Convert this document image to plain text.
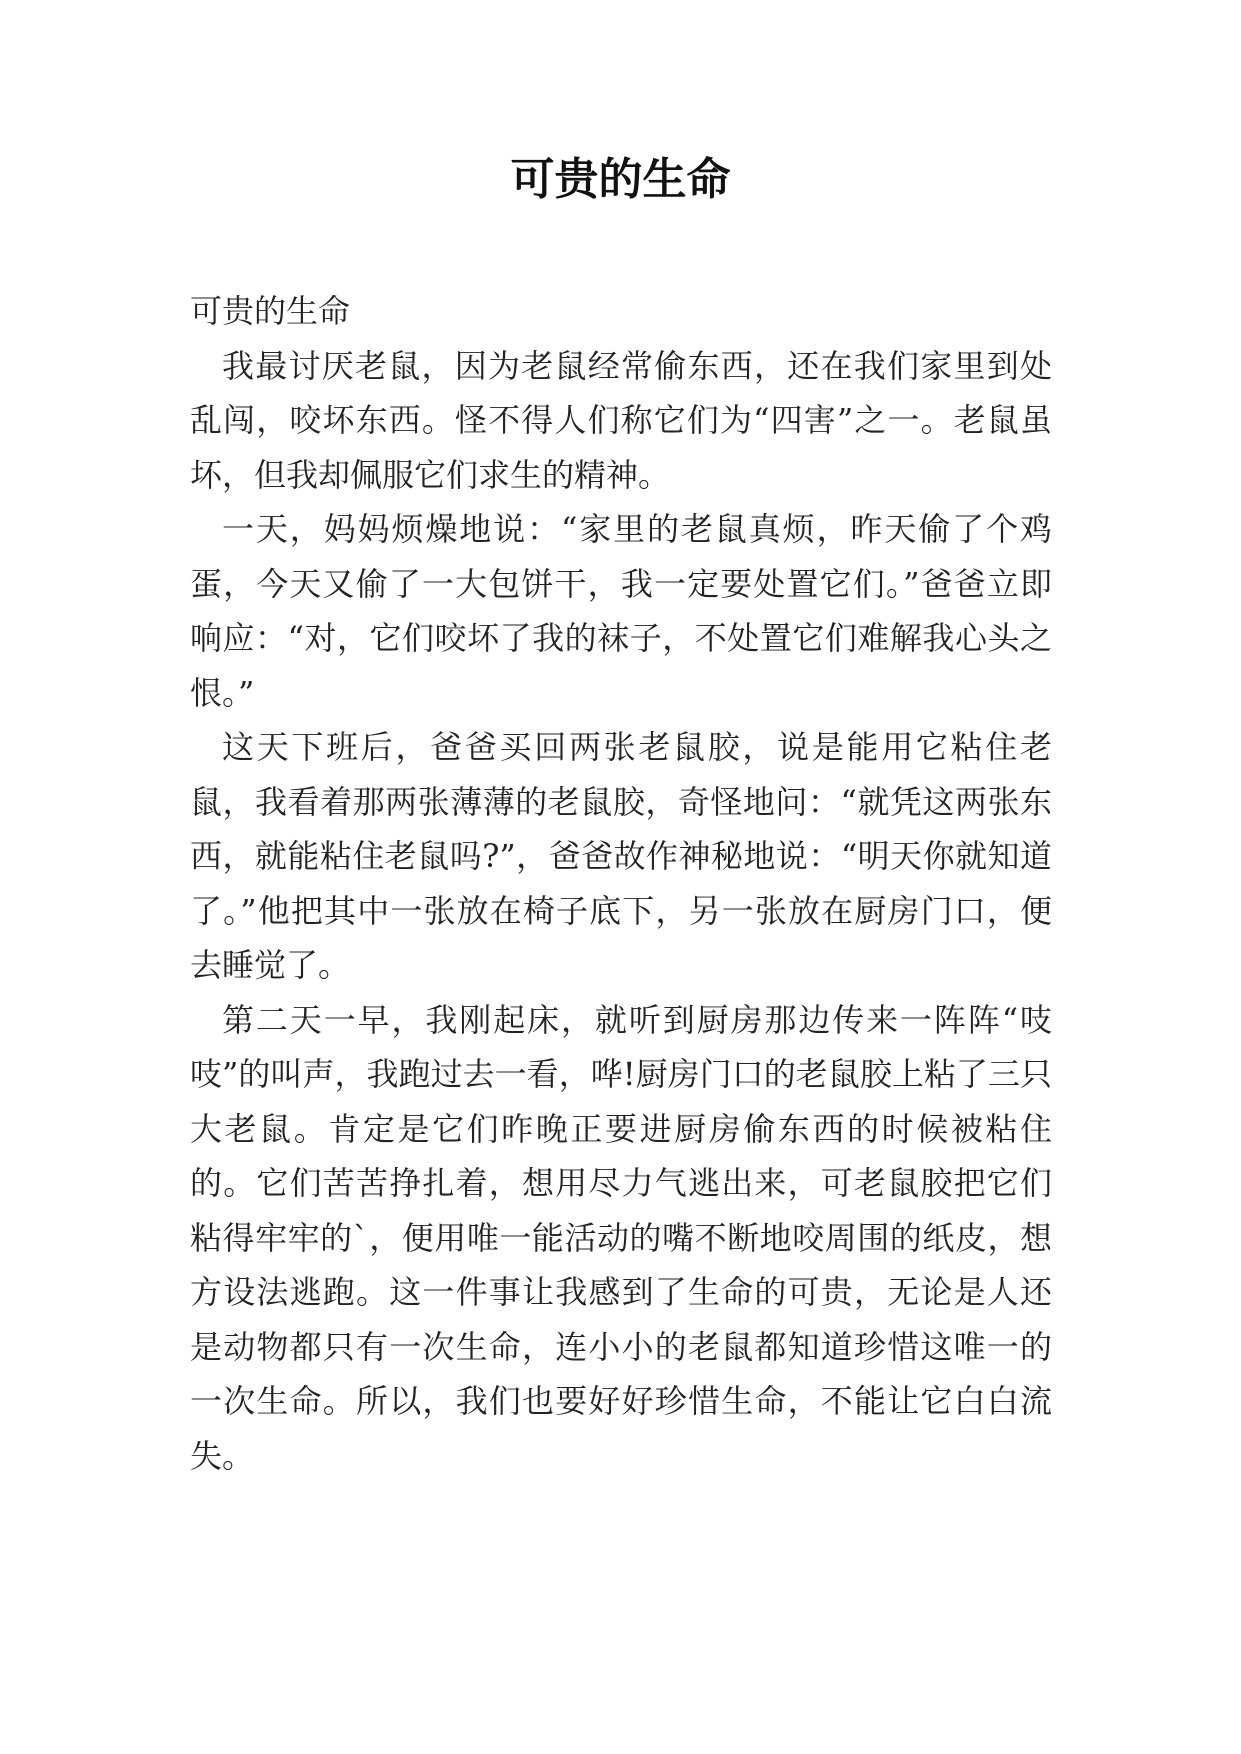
可贵的生命

可贵的生命

我最讨厌老鼠，因为老鼠经常偷东西，还在我们家里到处乱闯，咬坏东西。怪不得人们称它们为“四害”之一。老鼠虽坏，但我却佩服它们求生的精神。

一天，妈妈烦燥地说：“家里的老鼠真烦，昨天偷了个鸡蛋，今天又偷了一大包饼干，我一定要处置它们。”爸爸立即响应：“对，它们咬坏了我的袜子，不处置它们难解我心头之恨。”

这天下班后，爸爸买回两张老鼠胶，说是能用它粘住老鼠，我看着那两张薄薄的老鼠胶，奇怪地问：“就凭这两张东西，就能粘住老鼠吗?”，爸爸故作神秘地说：“明天你就知道了。”他把其中一张放在椅子底下，另一张放在厨房门口，便去睡觉了。

第二天一早，我刚起床，就听到厨房那边传来一阵阵“吱吱”的叫声，我跑过去一看，哗!厨房门口的老鼠胶上粘了三只大老鼠。肯定是它们昨晚正要进厨房偷东西的时候被粘住的。它们苦苦挣扎着，想用尽力气逃出来，可老鼠胶把它们粘得牢牢的`，便用唯一能活动的嘴不断地咬周围的纸皮，想方设法逃跑。这一件事让我感到了生命的可贵，无论是人还是动物都只有一次生命，连小小的老鼠都知道珍惜这唯一的一次生命。所以，我们也要好好珍惜生命，不能让它白白流失。
